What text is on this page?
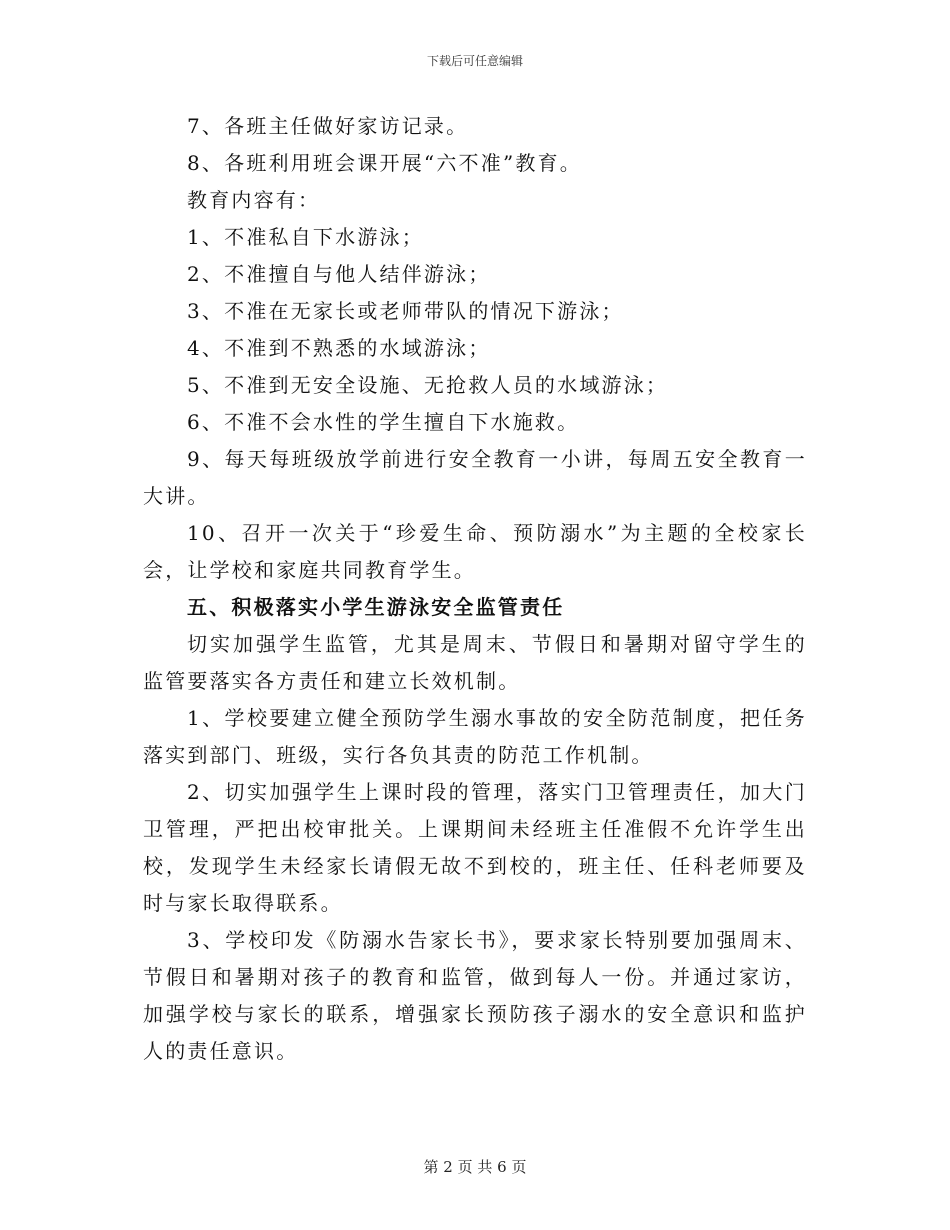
下载后可任意编辑

7、各班主任做好家访记录。

8、各班利用班会课开展“六不准”教育。

教育内容有：

1、不准私自下水游泳；

2、不准擅自与他人结伴游泳；

3、不准在无家长或老师带队的情况下游泳；

4、不准到不熟悉的水域游泳；

5、不准到无安全设施、无抢救人员的水域游泳；

6、不准不会水性的学生擅自下水施救。

9、每天每班级放学前进行安全教育一小讲，每周五安全教育一大讲。

10、召开一次关于“珍爱生命、预防溺水”为主题的全校家长会，让学校和家庭共同教育学生。

五、积极落实小学生游泳安全监管责任

切实加强学生监管，尤其是周末、节假日和暑期对留守学生的监管要落实各方责任和建立长效机制。

1、学校要建立健全预防学生溺水事故的安全防范制度，把任务落实到部门、班级，实行各负其责的防范工作机制。

2、切实加强学生上课时段的管理，落实门卫管理责任，加大门卫管理，严把出校审批关。上课期间未经班主任准假不允许学生出校，发现学生未经家长请假无故不到校的，班主任、任科老师要及时与家长取得联系。

3、学校印发《防溺水告家长书》，要求家长特别要加强周末、节假日和暑期对孩子的教育和监管，做到每人一份。并通过家访，加强学校与家长的联系，增强家长预防孩子溺水的安全意识和监护人的责任意识。

第 2 页 共 6 页
